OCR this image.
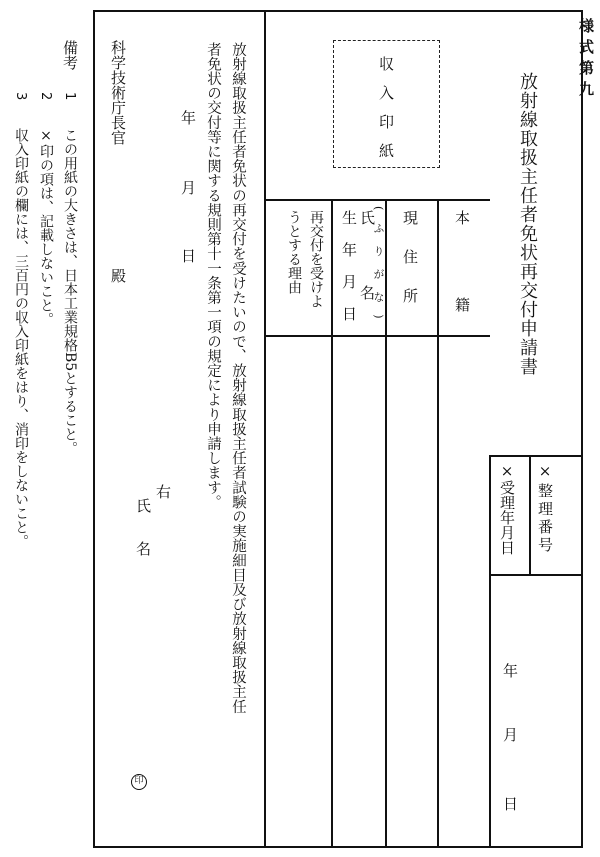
様式第九
放射線取扱主任者免状再交付申請書
×整理番号
×受理年月日
年
月
日
収入印紙
本籍
現住所
氏名
(ふりがな)
生年月日
再交付を受けよ
うとする理由
放射線取扱主任者免状の再交付を受けたいので、放射線取扱主任者試験の実施細目及び放射線取扱主任
者免状の交付等に関する規則第十一条第一項の規定により申請します。
年
月
日
右
氏名
印
科学技術庁長官
殿
備考
1
この用紙の大きさは、日本工業規格B5とすること。
2
×印の項は、記載しないこと。
3
収入印紙の欄には、三百円の収入印紙をはり、消印をしないこと。
